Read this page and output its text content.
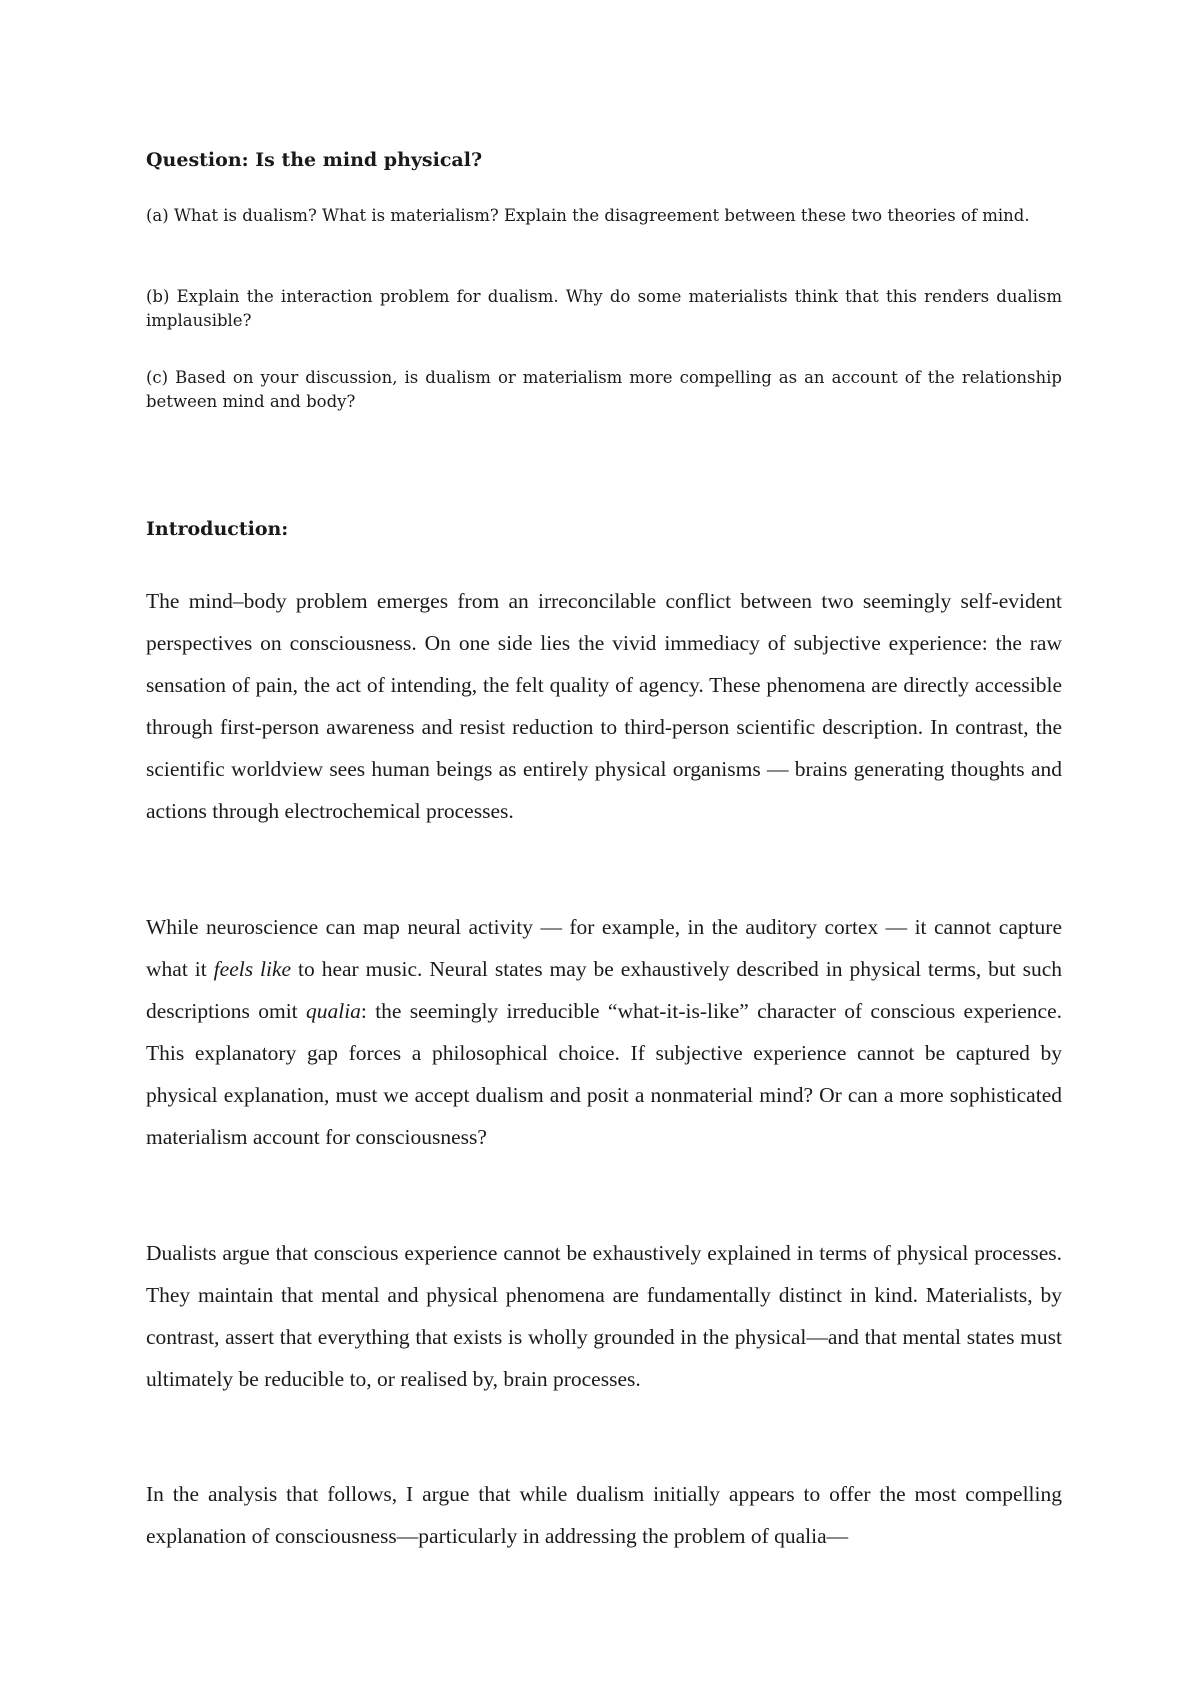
Question: Is the mind physical?

(a) What is dualism? What is materialism? Explain the disagreement between these two theories of mind.

(b) Explain the interaction problem for dualism. Why do some materialists think that this renders dualism implausible?

(c) Based on your discussion, is dualism or materialism more compelling as an account of the relationship between mind and body?

Introduction:

The mind–body problem emerges from an irreconcilable conflict between two seemingly self-evident perspectives on consciousness. On one side lies the vivid immediacy of subjective experience: the raw sensation of pain, the act of intending, the felt quality of agency. These phenomena are directly accessible through first-person awareness and resist reduction to third-person scientific description. In contrast, the scientific worldview sees human beings as entirely physical organisms — brains generating thoughts and actions through electrochemical processes.

While neuroscience can map neural activity — for example, in the auditory cortex — it cannot capture what it feels like to hear music. Neural states may be exhaustively described in physical terms, but such descriptions omit qualia: the seemingly irreducible “what-it-is-like” character of conscious experience. This explanatory gap forces a philosophical choice. If subjective experience cannot be captured by physical explanation, must we accept dualism and posit a nonmaterial mind? Or can a more sophisticated materialism account for consciousness?

Dualists argue that conscious experience cannot be exhaustively explained in terms of physical processes. They maintain that mental and physical phenomena are fundamentally distinct in kind. Materialists, by contrast, assert that everything that exists is wholly grounded in the physical—and that mental states must ultimately be reducible to, or realised by, brain processes.

In the analysis that follows, I argue that while dualism initially appears to offer the most compelling explanation of consciousness—particularly in addressing the problem of qualia—
